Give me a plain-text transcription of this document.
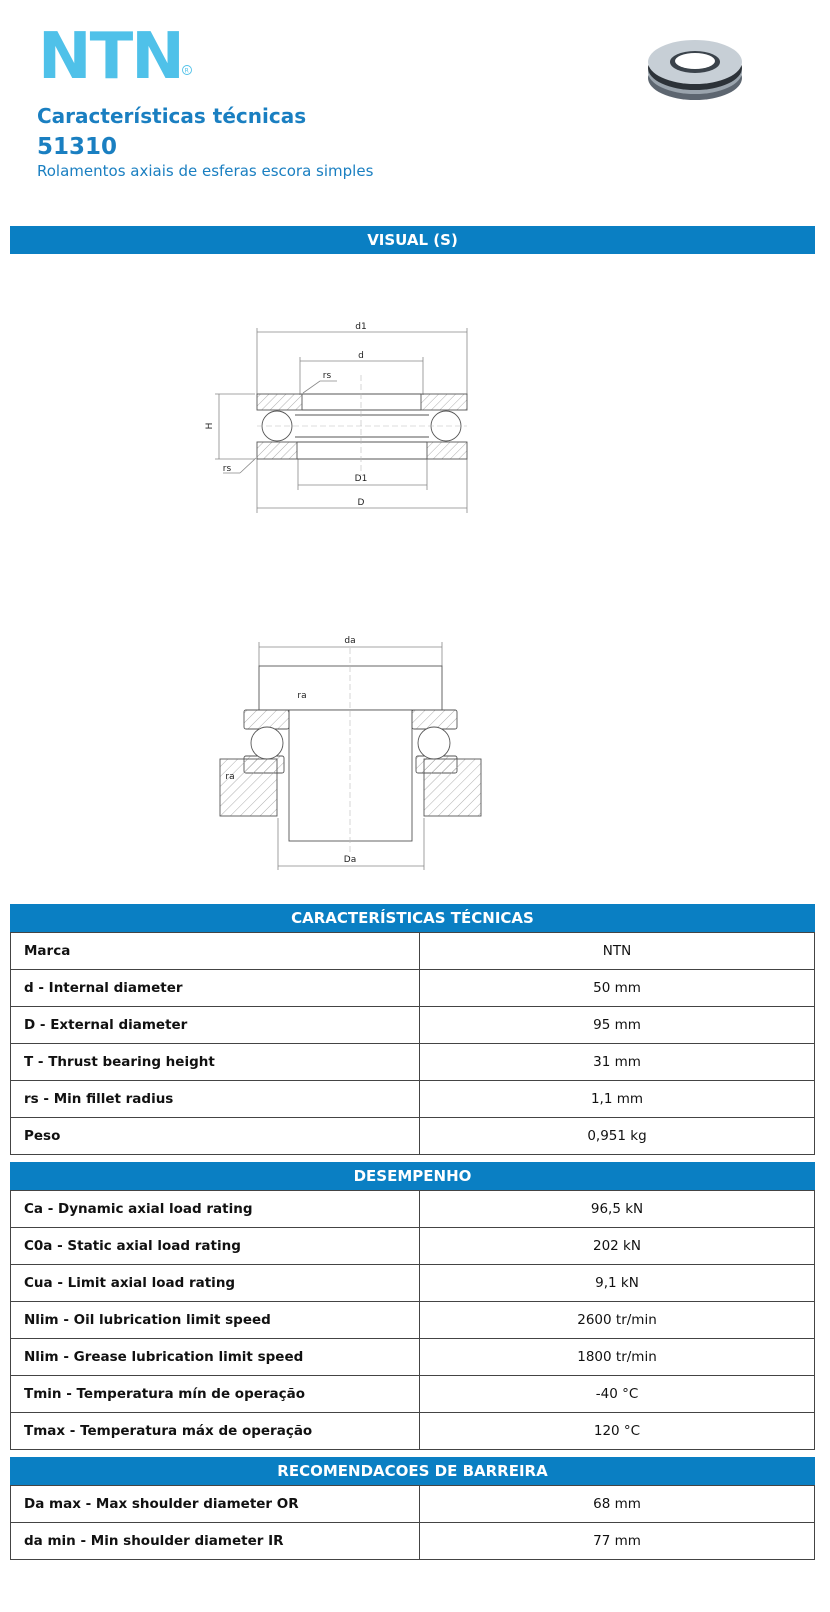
NTN R
Características técnicas
51310

Rolamentos axiais de esferas escora simples

VISUAL (S)
d1
d
rs
H
rs
D1
D
da
ra
ra
Da
CARACTERÍSTICAS TÉCNICAS
Marca	NTN
d - Internal diameter	50 mm
D - External diameter	95 mm
T - Thrust bearing height	31 mm
rs - Min fillet radius	1,1 mm
Peso	0,951 kg
DESEMPENHO
Ca - Dynamic axial load rating	96,5 kN
C0a - Static axial load rating	202 kN
Cua - Limit axial load rating	9,1 kN
Nlim - Oil lubrication limit speed	2600 tr/min
Nlim - Grease lubrication limit speed	1800 tr/min
Tmin - Temperatura mín de operação	-40 °C
Tmax - Temperatura máx de operação	120 °C
RECOMENDACOES DE BARREIRA
Da max - Max shoulder diameter OR	68 mm
da min - Min shoulder diameter IR	77 mm
